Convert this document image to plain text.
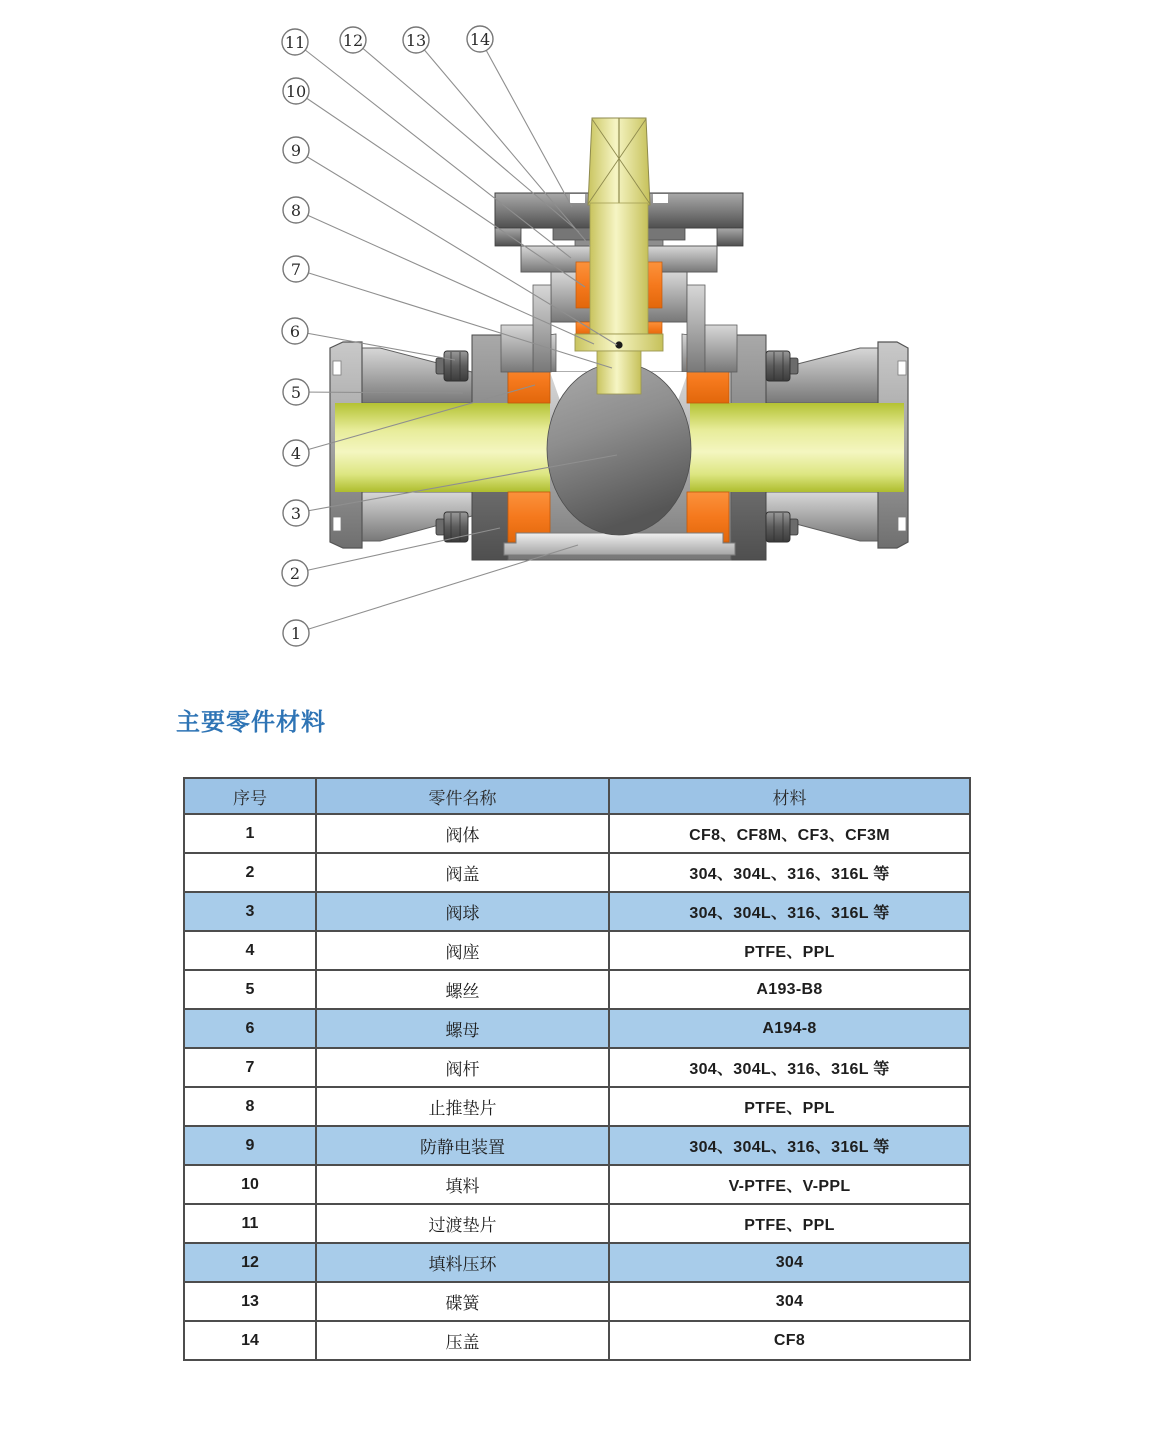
1
2
3
4
5
6
7
8
9
10
11 12	13	14
主要零件材料
序号	零件名称	材料
1	阀体	CF8、CF8M、CF3、CF3M
2	阀盖	304、304L、316、316L 等
3	阀球	304、304L、316、316L 等
4	阀座	PTFE、PPL
5	螺丝	A193-B8
6	螺母	A194-8
7	阀杆	304、304L、316、316L 等
8	止推垫片	PTFE、PPL
9	防静电装置	304、304L、316、316L 等
10	填料	V-PTFE、V-PPL
11	过渡垫片	PTFE、PPL
12	填料压环	304
13	碟簧	304
14	压盖	CF8
